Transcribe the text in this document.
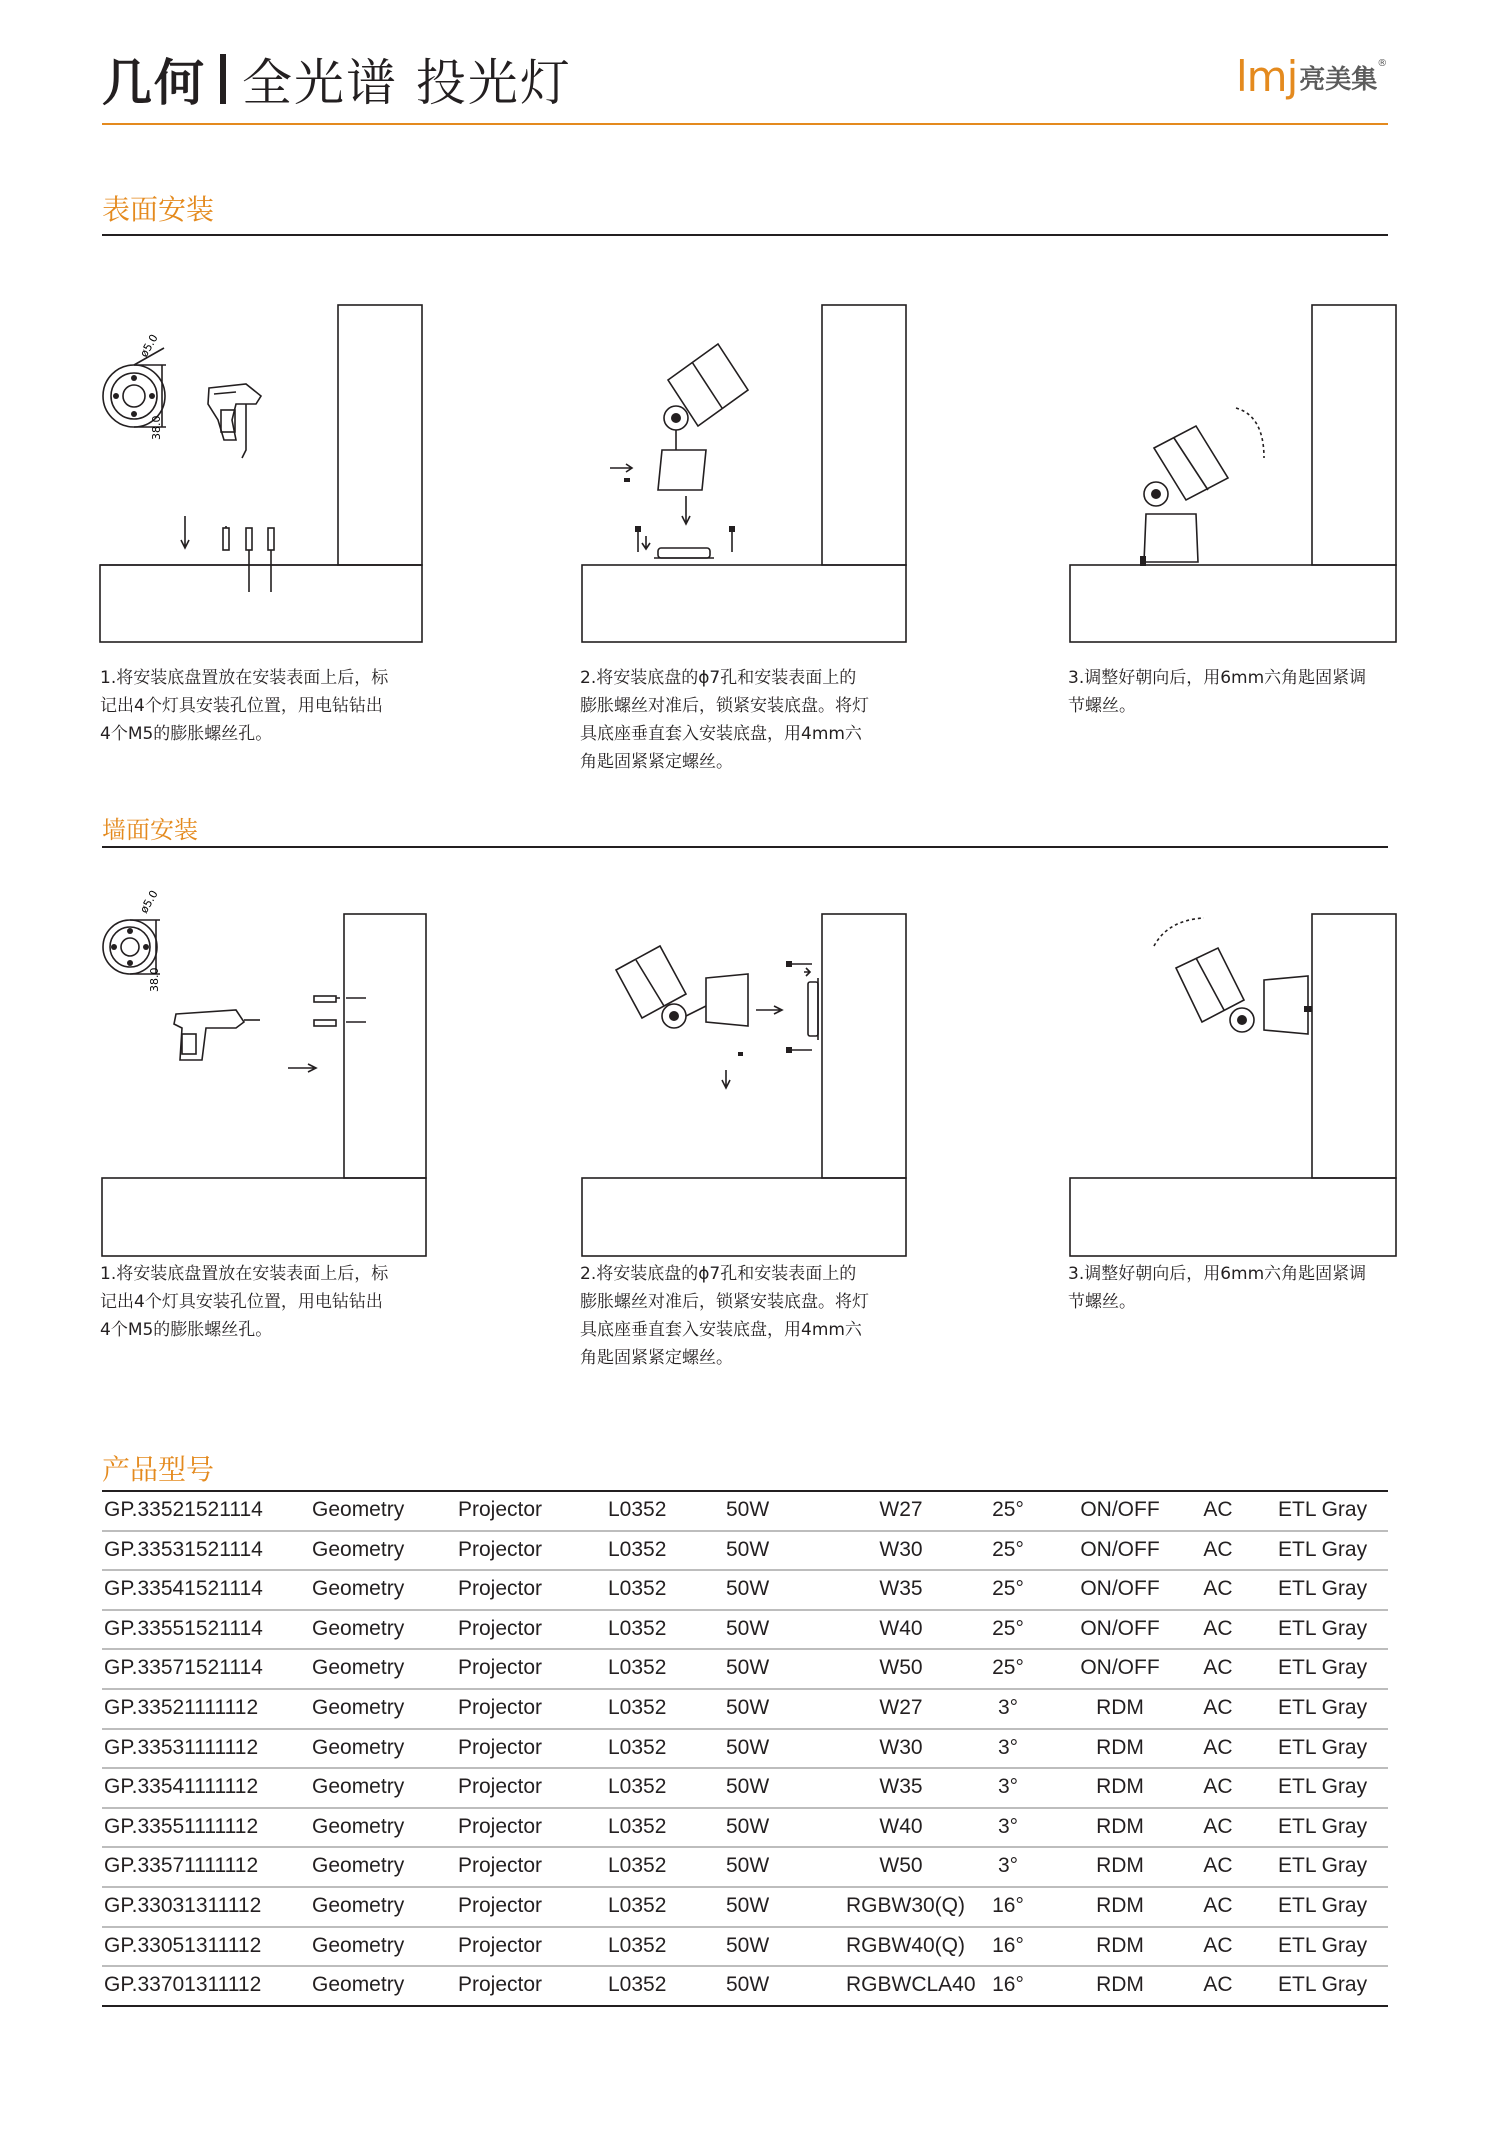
几何 全光谱 投光灯	lmj 亮美集
®
表面安装
ø5.0
38.0
1.将安装底盘置放在安装表面上后，标
记出4个灯具安装孔位置，用电钻钻出
4个M5的膨胀螺丝孔。
2.将安装底盘的ϕ7孔和安装表面上的
膨胀螺丝对准后，锁紧安装底盘。将灯
具底座垂直套入安装底盘，用4mm六
角匙固紧紧定螺丝。
3.调整好朝向后，用6mm六角匙固紧调
节螺丝。
墙面安装
ø5.0
38.0
1.将安装底盘置放在安装表面上后，标
记出4个灯具安装孔位置，用电钻钻出
4个M5的膨胀螺丝孔。
2.将安装底盘的ϕ7孔和安装表面上的
膨胀螺丝对准后，锁紧安装底盘。将灯
具底座垂直套入安装底盘，用4mm六
角匙固紧紧定螺丝。
3.调整好朝向后，用6mm六角匙固紧调
节螺丝。
产品型号
GP.33521521114 Geometry	Projector	L0352	50W	W27	25°	ON/OFF	AC	ETL Gray
GP.33531521114 Geometry	Projector	L0352	50W	W30	25°	ON/OFF	AC	ETL Gray
GP.33541521114 Geometry	Projector	L0352	50W	W35	25°	ON/OFF	AC	ETL Gray
GP.33551521114 Geometry	Projector	L0352	50W	W40	25°	ON/OFF	AC	ETL Gray
GP.33571521114 Geometry	Projector	L0352	50W	W50	25°	ON/OFF	AC	ETL Gray
GP.33521111112	Geometry	Projector	L0352	50W	W27	3°	RDM	AC	ETL Gray
GP.33531111112	Geometry	Projector	L0352	50W	W30	3°	RDM	AC	ETL Gray
GP.33541111112	Geometry	Projector	L0352	50W	W35	3°	RDM	AC	ETL Gray
GP.33551111112	Geometry	Projector	L0352	50W	W40	3°	RDM	AC	ETL Gray
GP.33571111112	Geometry	Projector	L0352	50W	W50	3°	RDM	AC	ETL Gray
GP.33031311112 Geometry	Projector	L0352	50W	RGBW30(Q)	16°	RDM	AC	ETL Gray
GP.33051311112 Geometry	Projector	L0352	50W	RGBW40(Q)	16°	RDM	AC	ETL Gray
GP.33701311112 Geometry	Projector	L0352	50W	RGBWCLA40 16°	RDM	AC	ETL Gray
